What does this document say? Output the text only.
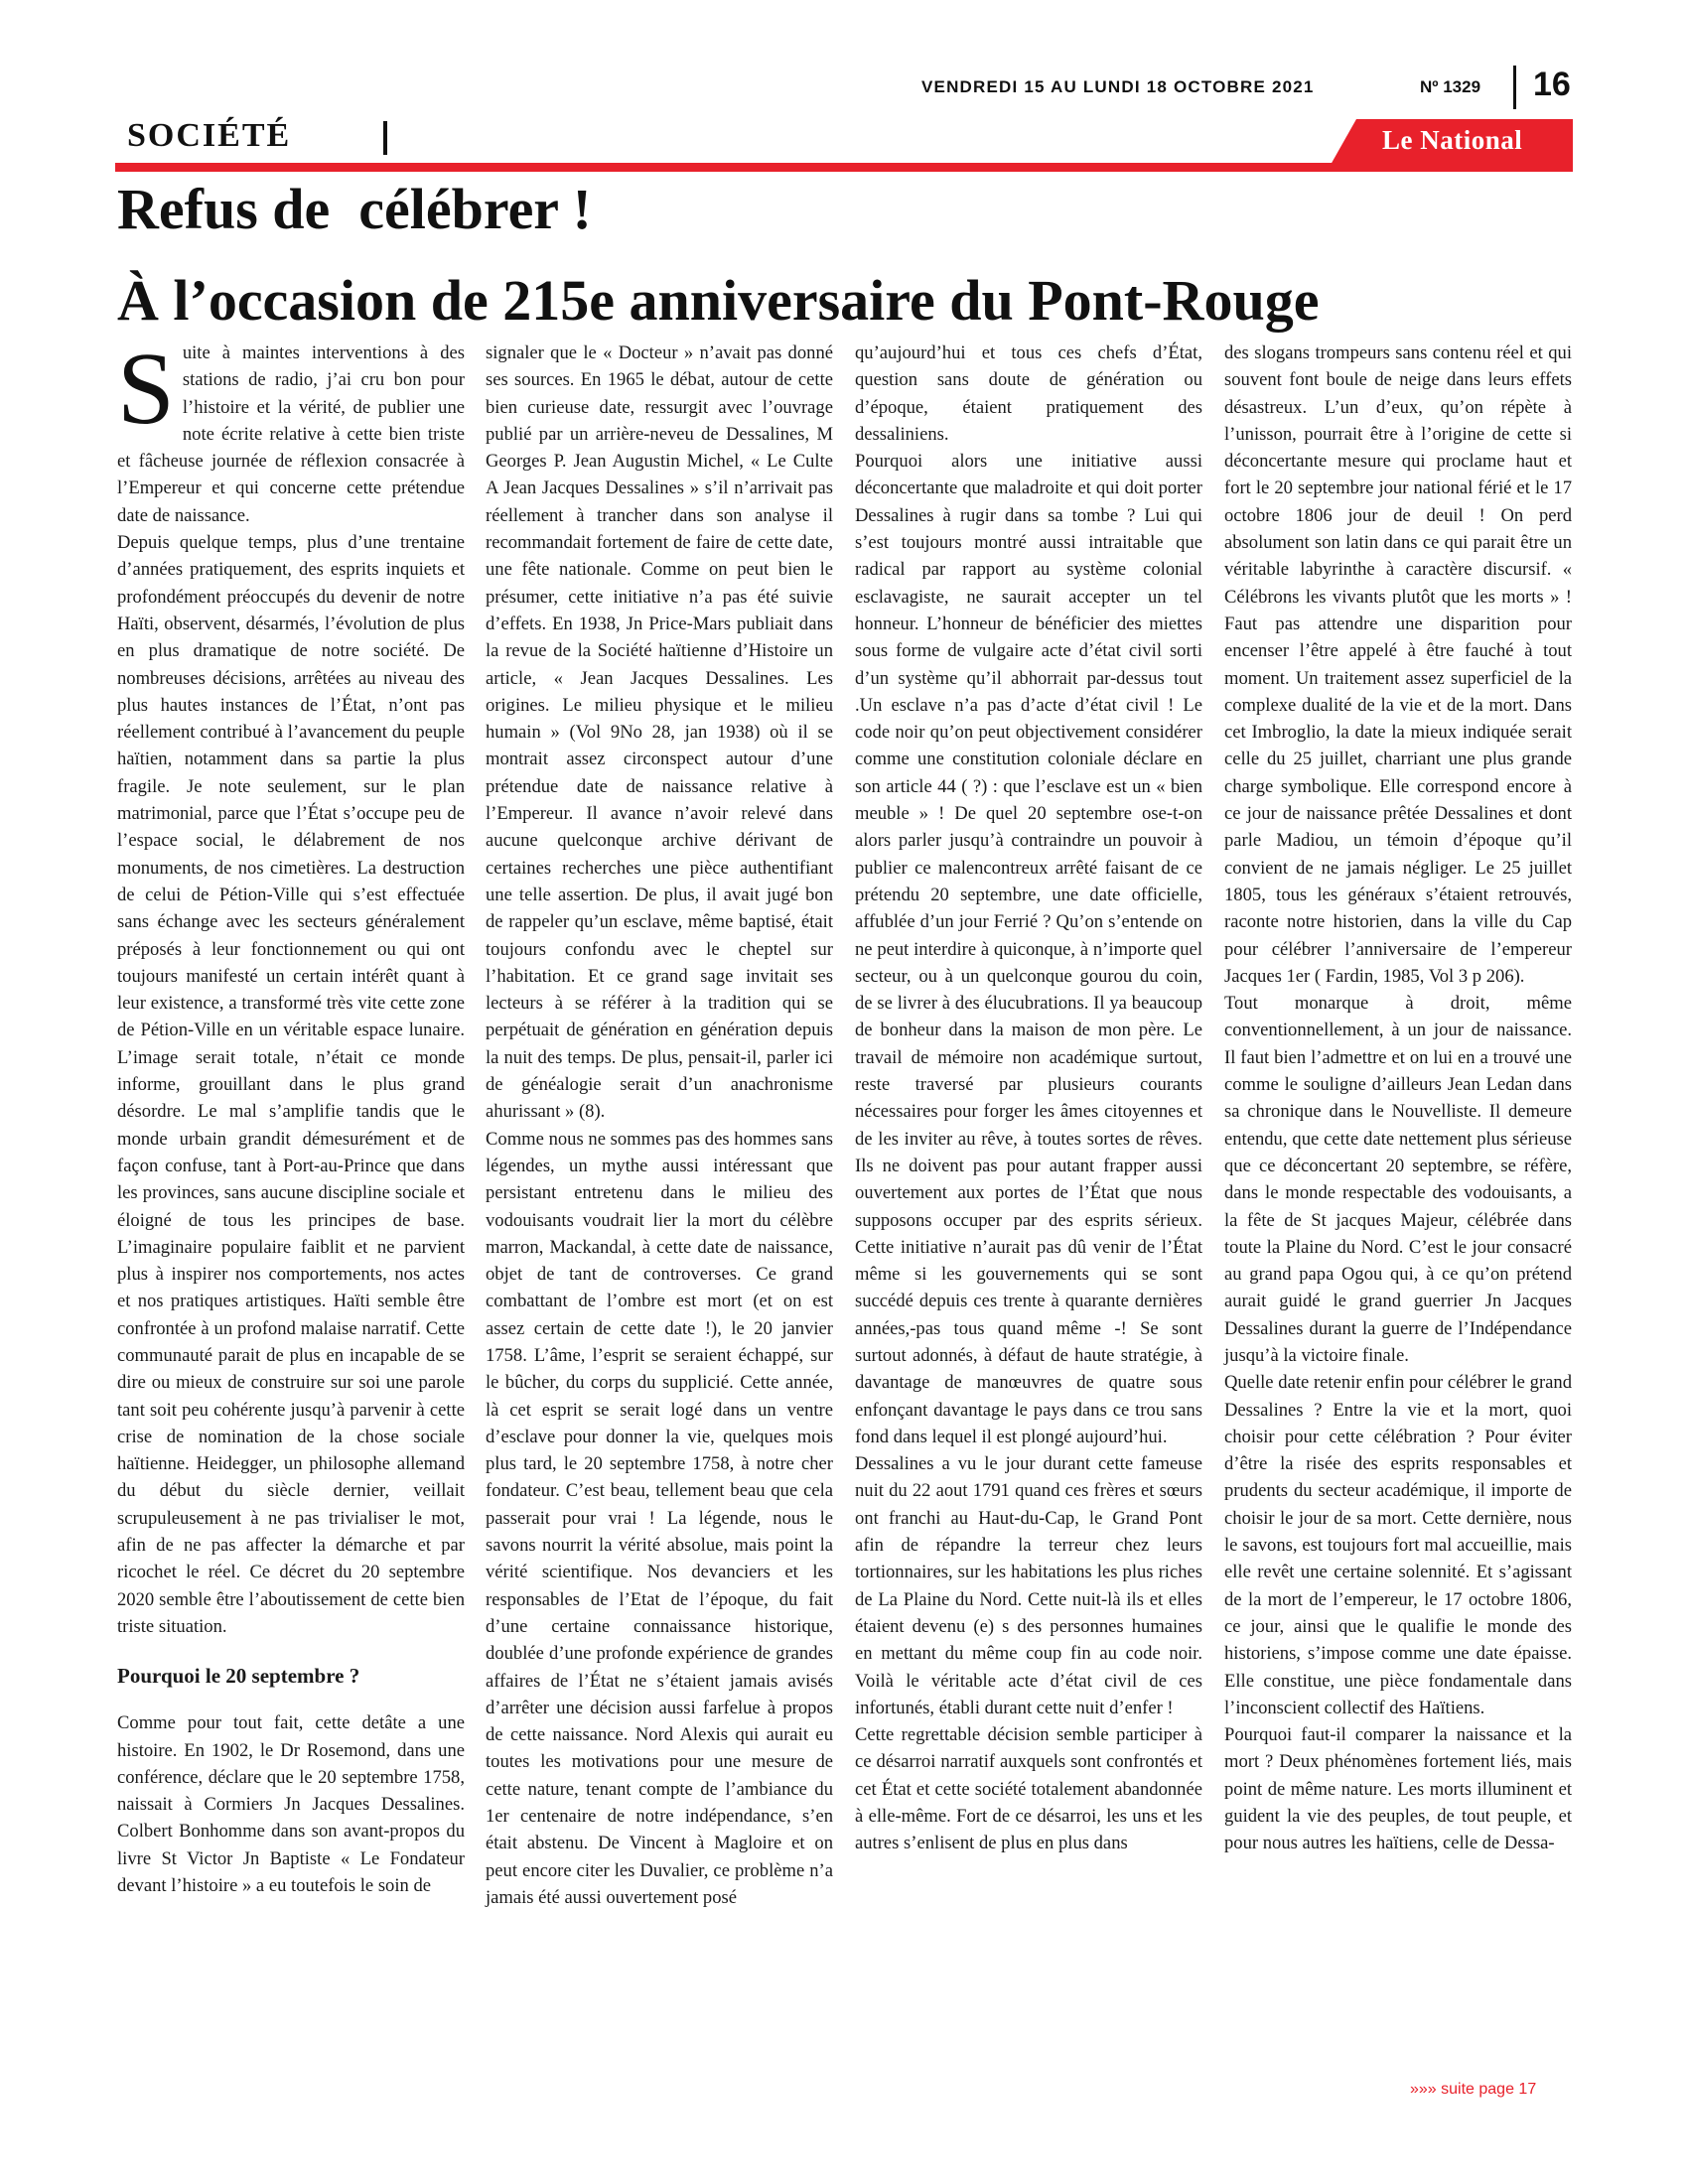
VENDREDI 15 AU LUNDI 18 OCTOBRE 2021	Nº 1329 16
SOCIÉTÉ	Le National
Refus de  célébrer !
À l’occasion de 215e anniversaire du Pont-Rouge
S uite à maintes interventions à des stations de radio, j’ai cru bon pour l’histoire et la vérité, de publier une note écrite relative à cette bien triste et fâcheuse journée de réflexion consacrée à l’Empereur et qui concerne cette prétendue date de naissance.

Depuis quelque temps, plus d’une trentaine d’années pratiquement, des esprits inquiets et profondément préoccupés du devenir de notre Haïti, observent, désarmés, l’évolution de plus en plus dramatique de notre société. De nombreuses décisions, arrêtées au niveau des plus hautes instances de l’État, n’ont pas réellement contribué à l’avancement du peuple haïtien, notamment dans sa partie la plus fragile. Je note seulement, sur le plan matrimonial, parce que l’État s’occupe peu de l’espace social, le délabrement de nos monuments, de nos cimetières. La destruction de celui de Pétion-Ville qui s’est effectuée sans échange avec les secteurs généralement préposés à leur fonctionnement ou qui ont toujours manifesté un certain intérêt quant à leur existence, a transformé très vite cette zone de Pétion-Ville en un véritable espace lunaire. L’image serait totale, n’était ce monde informe, grouillant dans le plus grand désordre. Le mal s’amplifie tandis que le monde urbain grandit démesurément et de façon confuse, tant à Port-au-Prince que dans les provinces, sans aucune discipline sociale et éloigné de tous les principes de base. L’imaginaire populaire faiblit et ne parvient plus à inspirer nos comportements, nos actes et nos pratiques artistiques. Haïti semble être confrontée à un profond malaise narratif. Cette communauté parait de plus en incapable de se dire ou mieux de construire sur soi une parole tant soit peu cohérente jusqu’à parvenir à cette crise de nomination de la chose sociale haïtienne. Heidegger, un philosophe allemand du début du siècle dernier, veillait scrupuleusement à ne pas trivialiser le mot, afin de ne pas affecter la démarche et par ricochet le réel. Ce décret du 20 septembre 2020 semble être l’aboutissement de cette bien triste situation.

Pourquoi le 20 septembre ?

Comme pour tout fait, cette detâte a une histoire. En 1902, le Dr Rosemond, dans une conférence, déclare que le 20 septembre 1758, naissait à Cormiers Jn Jacques Dessalines. Colbert Bonhomme dans son avant-propos du livre St Victor Jn Baptiste « Le Fondateur devant l’histoire » a eu toutefois le soin de

signaler que le « Docteur » n’avait pas donné ses sources. En 1965 le débat, autour de cette bien curieuse date, ressurgit avec l’ouvrage publié par un arrière-neveu de Dessalines, M Georges P. Jean Augustin Michel, « Le Culte A Jean Jacques Dessalines » s’il n’arrivait pas réellement à trancher dans son analyse il recommandait fortement de faire de cette date, une fête nationale. Comme on peut bien le présumer, cette initiative n’a pas été suivie d’effets. En 1938, Jn Price-Mars publiait dans la revue de la Société haïtienne d’Histoire un article, « Jean Jacques Dessalines. Les origines. Le milieu physique et le milieu humain » (Vol 9No 28, jan 1938) où il se montrait assez circonspect autour d’une prétendue date de naissance relative à l’Empereur. Il avance n’avoir relevé dans aucune quelconque archive dérivant de certaines recherches une pièce authentifiant une telle assertion. De plus, il avait jugé bon de rappeler qu’un esclave, même baptisé, était toujours confondu avec le cheptel sur l’habitation. Et ce grand sage invitait ses lecteurs à se référer à la tradition qui se perpétuait de génération en génération depuis la nuit des temps. De plus, pensait-il, parler ici de généalogie serait d’un anachronisme ahurissant » (8).

Comme nous ne sommes pas des hommes sans légendes, un mythe aussi intéressant que persistant entretenu dans le milieu des vodouisants voudrait lier la mort du célèbre marron, Mackandal, à cette date de naissance, objet de tant de controverses. Ce grand combattant de l’ombre est mort (et on est assez certain de cette date !), le 20 janvier 1758. L’âme, l’esprit se seraient échappé, sur le bûcher, du corps du supplicié. Cette année, là cet esprit se serait logé dans un ventre d’esclave pour donner la vie, quelques mois plus tard, le 20 septembre 1758, à notre cher fondateur. C’est beau, tellement beau que cela passerait pour vrai ! La légende, nous le savons nourrit la vérité absolue, mais point la vérité scientifique. Nos devanciers et les responsables de l’Etat de l’époque, du fait d’une certaine connaissance historique, doublée d’une profonde expérience de grandes affaires de l’État ne s’étaient jamais avisés d’arrêter une décision aussi farfelue à propos de cette naissance. Nord Alexis qui aurait eu toutes les motivations pour une mesure de cette nature, tenant compte de l’ambiance du 1er centenaire de notre indépendance, s’en était abstenu. De Vincent à Magloire et on peut encore citer les Duvalier, ce problème n’a jamais été aussi ouvertement posé

qu’aujourd’hui et tous ces chefs d’État, question sans doute de génération ou d’époque, étaient pratiquement des dessaliniens.

Pourquoi alors une initiative aussi déconcertante que maladroite et qui doit porter Dessalines à rugir dans sa tombe ? Lui qui s’est toujours montré aussi intraitable que radical par rapport au système colonial esclavagiste, ne saurait accepter un tel honneur. L’honneur de bénéficier des miettes sous forme de vulgaire acte d’état civil sorti d’un système qu’il abhorrait par-dessus tout .Un esclave n’a pas d’acte d’état civil ! Le code noir qu’on peut objectivement considérer comme une constitution coloniale déclare en son article 44 ( ?) : que l’esclave est un « bien meuble » ! De quel 20 septembre ose-t-on alors parler jusqu’à contraindre un pouvoir à publier ce malencontreux arrêté faisant de ce prétendu 20 septembre, une date officielle, affublée d’un jour Ferrié ? Qu’on s’entende on ne peut interdire à quiconque, à n’importe quel secteur, ou à un quelconque gourou du coin, de se livrer à des élucubrations. Il ya beaucoup de bonheur dans la maison de mon père. Le travail de mémoire non académique surtout, reste traversé par plusieurs courants nécessaires pour forger les âmes citoyennes et de les inviter au rêve, à toutes sortes de rêves. Ils ne doivent pas pour autant frapper aussi ouvertement aux portes de l’État que nous supposons occuper par des esprits sérieux. Cette initiative n’aurait pas dû venir de l’État même si les gouvernements qui se sont succédé depuis ces trente à quarante dernières années,-pas tous quand même -! Se sont surtout adonnés, à défaut de haute stratégie, à davantage de manœuvres de quatre sous enfonçant davantage le pays dans ce trou sans fond dans lequel il est plongé aujourd’hui.

Dessalines a vu le jour durant cette fameuse nuit du 22 aout 1791 quand ces frères et sœurs ont franchi au Haut-du-Cap, le Grand Pont afin de répandre la terreur chez leurs tortionnaires, sur les habitations les plus riches de La Plaine du Nord. Cette nuit-là ils et elles étaient devenu (e) s des personnes humaines en mettant du même coup fin au code noir. Voilà le véritable acte d’état civil de ces infortunés, établi durant cette nuit d’enfer !

Cette regrettable décision semble participer à ce désarroi narratif auxquels sont confrontés et cet État et cette société totalement abandonnée à elle-même. Fort de ce désarroi, les uns et les autres s’enlisent de plus en plus dans

des slogans trompeurs sans contenu réel et qui souvent font boule de neige dans leurs effets désastreux. L’un d’eux, qu’on répète à l’unisson, pourrait être à l’origine de cette si déconcertante mesure qui proclame haut et fort le 20 septembre jour national férié et le 17 octobre 1806 jour de deuil ! On perd absolument son latin dans ce qui parait être un véritable labyrinthe à caractère discursif. « Célébrons les vivants plutôt que les morts » ! Faut pas attendre une disparition pour encenser l’être appelé à être fauché à tout moment. Un traitement assez superficiel de la complexe dualité de la vie et de la mort. Dans cet Imbroglio, la date la mieux indiquée serait celle du 25 juillet, charriant une plus grande charge symbolique. Elle correspond encore à ce jour de naissance prêtée Dessalines et dont parle Madiou, un témoin d’époque qu’il convient de ne jamais négliger. Le 25 juillet 1805, tous les généraux s’étaient retrouvés, raconte notre historien, dans la ville du Cap pour célébrer l’anniversaire de l’empereur Jacques 1er ( Fardin, 1985, Vol 3 p 206).

Tout monarque à droit, même conventionnellement, à un jour de naissance. Il faut bien l’admettre et on lui en a trouvé une comme le souligne d’ailleurs Jean Ledan dans sa chronique dans le Nouvelliste. Il demeure entendu, que cette date nettement plus sérieuse que ce déconcertant 20 septembre, se réfère, dans le monde respectable des vodouisants, a la fête de St jacques Majeur, célébrée dans toute la Plaine du Nord. C’est le jour consacré au grand papa Ogou qui, à ce qu’on prétend aurait guidé le grand guerrier Jn Jacques Dessalines durant la guerre de l’Indépendance jusqu’à la victoire finale.

Quelle date retenir enfin pour célébrer le grand Dessalines ? Entre la vie et la mort, quoi choisir pour cette célébration ? Pour éviter d’être la risée des esprits responsables et prudents du secteur académique, il importe de choisir le jour de sa mort. Cette dernière, nous le savons, est toujours fort mal accueillie, mais elle revêt une certaine solennité. Et s’agissant de la mort de l’empereur, le 17 octobre 1806, ce jour, ainsi que le qualifie le monde des historiens, s’impose comme une date épaisse. Elle constitue, une pièce fondamentale dans l’inconscient collectif des Haïtiens.

Pourquoi faut-il comparer la naissance et la mort ? Deux phénomènes fortement liés, mais point de même nature. Les morts illuminent et guident la vie des peuples, de tout peuple, et pour nous autres les haïtiens, celle de Dessa-

»»» suite page 17
